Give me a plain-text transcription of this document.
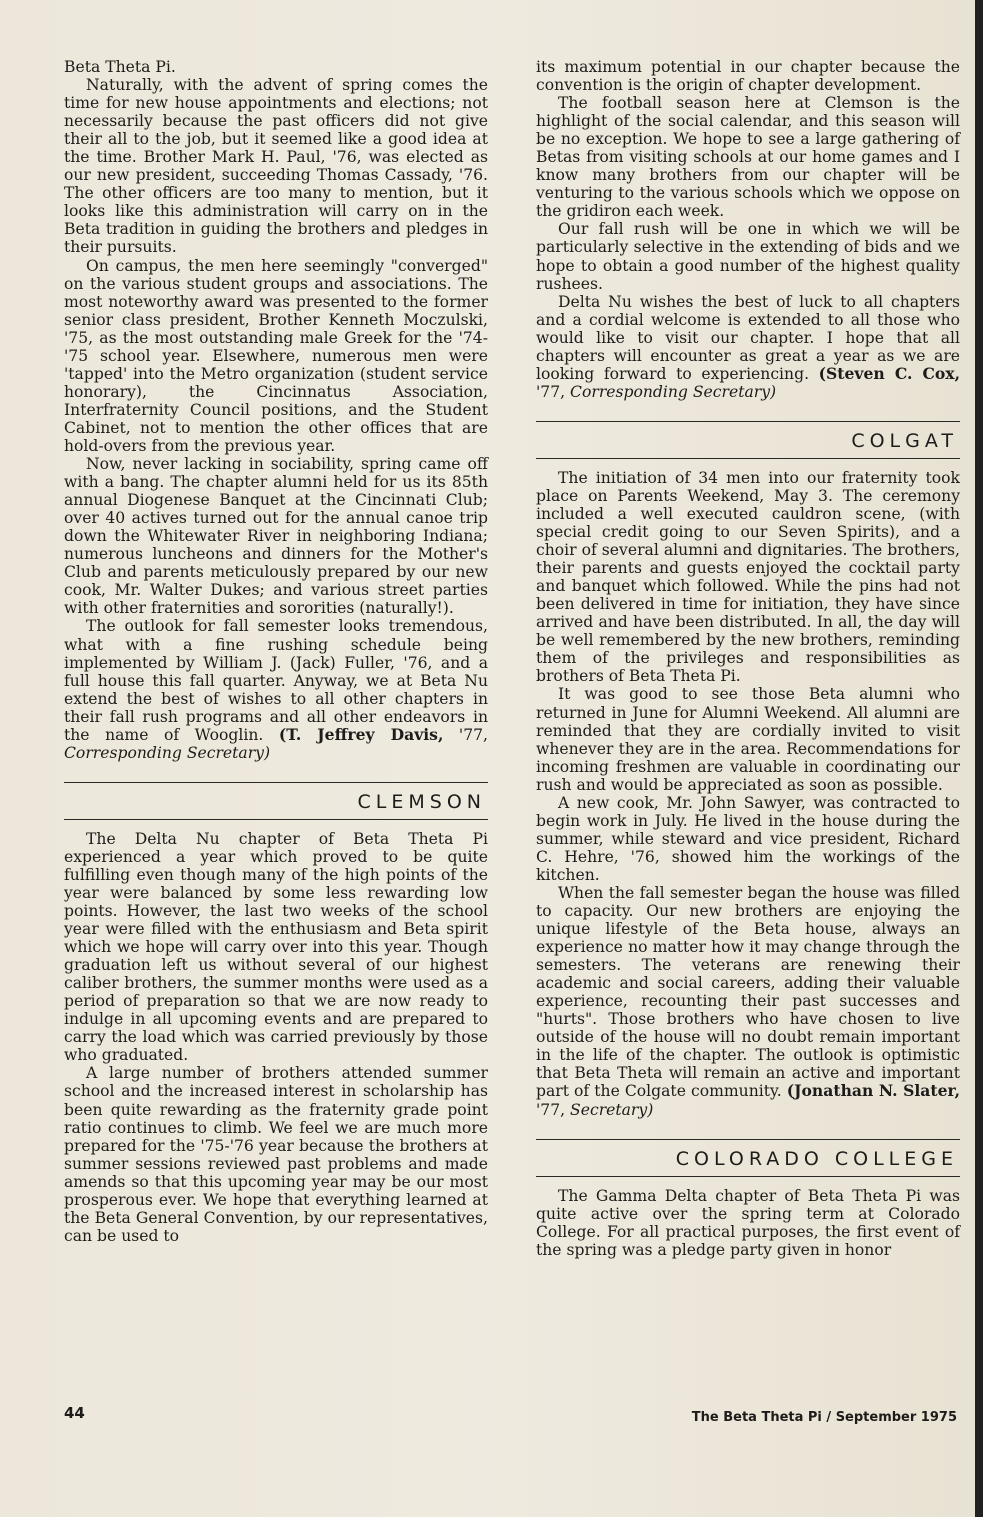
Beta Theta Pi.

Naturally, with the advent of spring comes the time for new house appointments and elections; not necessarily because the past officers did not give their all to the job, but it seemed like a good idea at the time. Brother Mark H. Paul, '76, was elected as our new president, succeeding Thomas Cassady, '76. The other officers are too many to mention, but it looks like this administration will carry on in the Beta tradition in guiding the brothers and pledges in their pursuits.

On campus, the men here seemingly "converged" on the various student groups and associations. The most noteworthy award was presented to the former senior class president, Brother Kenneth Moczulski, '75, as the most outstanding male Greek for the '74-'75 school year. Elsewhere, numerous men were 'tapped' into the Metro organization (student service honorary), the Cincinnatus Association, Interfraternity Council positions, and the Student Cabinet, not to mention the other offices that are hold-overs from the previous year.

Now, never lacking in sociability, spring came off with a bang. The chapter alumni held for us its 85th annual Diogenese Banquet at the Cincinnati Club; over 40 actives turned out for the annual canoe trip down the Whitewater River in neighboring Indiana; numerous luncheons and dinners for the Mother's Club and parents meticulously prepared by our new cook, Mr. Walter Dukes; and various street parties with other fraternities and sororities (naturally!).

The outlook for fall semester looks tremendous, what with a fine rushing schedule being implemented by William J. (Jack) Fuller, '76, and a full house this fall quarter. Anyway, we at Beta Nu extend the best of wishes to all other chapters in their fall rush programs and all other endeavors in the name of Wooglin. (T. Jeffrey Davis, '77, Corresponding Secretary)

CLEMSON

The Delta Nu chapter of Beta Theta Pi experienced a year which proved to be quite fulfilling even though many of the high points of the year were balanced by some less rewarding low points. However, the last two weeks of the school year were filled with the enthusiasm and Beta spirit which we hope will carry over into this year. Though graduation left us without several of our highest caliber brothers, the summer months were used as a period of preparation so that we are now ready to indulge in all upcoming events and are prepared to carry the load which was carried previously by those who graduated.

A large number of brothers attended summer school and the increased interest in scholarship has been quite rewarding as the fraternity grade point ratio continues to climb. We feel we are much more prepared for the '75-'76 year because the brothers at summer sessions reviewed past problems and made amends so that this upcoming year may be our most prosperous ever. We hope that everything learned at the Beta General Convention, by our representatives, can be used to

its maximum potential in our chapter because the convention is the origin of chapter development.

The football season here at Clemson is the highlight of the social calendar, and this season will be no exception. We hope to see a large gathering of Betas from visiting schools at our home games and I know many brothers from our chapter will be venturing to the various schools which we oppose on the gridiron each week.

Our fall rush will be one in which we will be particularly selective in the extending of bids and we hope to obtain a good number of the highest quality rushees.

Delta Nu wishes the best of luck to all chapters and a cordial welcome is extended to all those who would like to visit our chapter. I hope that all chapters will encounter as great a year as we are looking forward to experiencing. (Steven C. Cox, '77, Corresponding Secretary)

COLGAT

The initiation of 34 men into our fraternity took place on Parents Weekend, May 3. The ceremony included a well executed cauldron scene, (with special credit going to our Seven Spirits), and a choir of several alumni and dignitaries. The brothers, their parents and guests enjoyed the cocktail party and banquet which followed. While the pins had not been delivered in time for initiation, they have since arrived and have been distributed. In all, the day will be well remembered by the new brothers, reminding them of the privileges and responsibilities as brothers of Beta Theta Pi.

It was good to see those Beta alumni who returned in June for Alumni Weekend. All alumni are reminded that they are cordially invited to visit whenever they are in the area. Recommendations for incoming freshmen are valuable in coordinating our rush and would be appreciated as soon as possible.

A new cook, Mr. John Sawyer, was contracted to begin work in July. He lived in the house during the summer, while steward and vice president, Richard C. Hehre, '76, showed him the workings of the kitchen.

When the fall semester began the house was filled to capacity. Our new brothers are enjoying the unique lifestyle of the Beta house, always an experience no matter how it may change through the semesters. The veterans are renewing their academic and social careers, adding their valuable experience, recounting their past successes and "hurts". Those brothers who have chosen to live outside of the house will no doubt remain important in the life of the chapter. The outlook is optimistic that Beta Theta will remain an active and important part of the Colgate community. (Jonathan N. Slater, '77, Secretary)

COLORADO COLLEGE

The Gamma Delta chapter of Beta Theta Pi was quite active over the spring term at Colorado College. For all practical purposes, the first event of the spring was a pledge party given in honor

44	The Beta Theta Pi / September 1975
